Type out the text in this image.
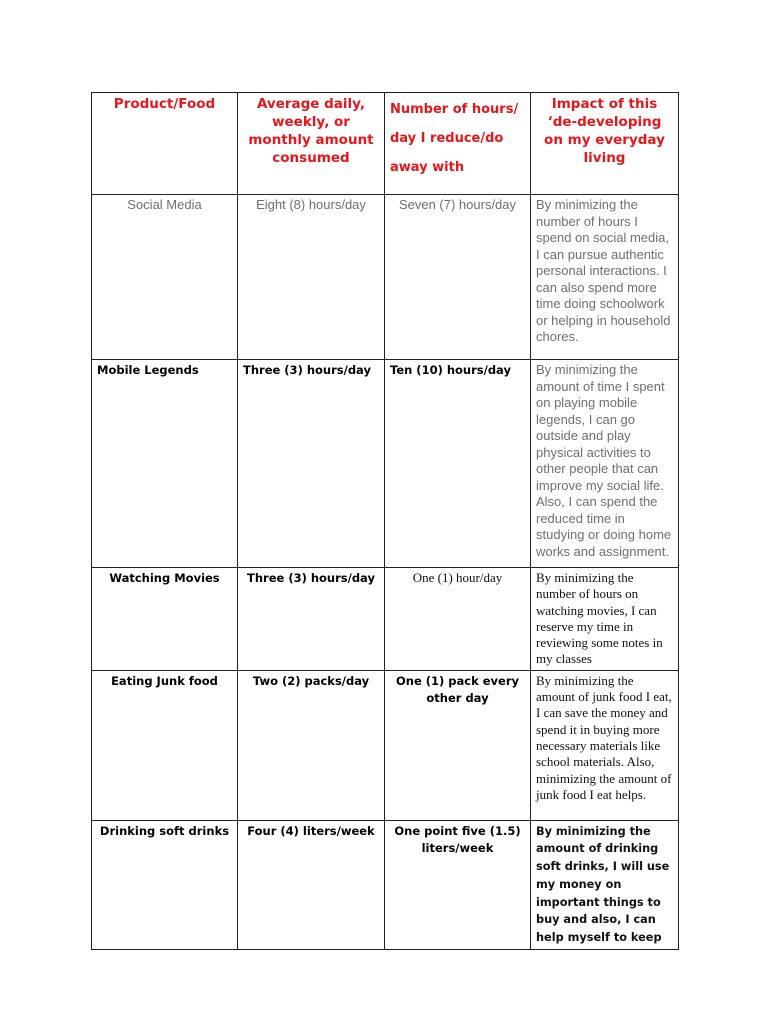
Product/Food	Average daily, weekly, or monthly amount consumed	Number of hours/ day I reduce/do away with	Impact of this ‘de-developing on my everyday living
Social Media	Eight (8) hours/day	Seven (7) hours/day	By minimizing the number of hours I spend on social media, I can pursue authentic personal interactions. I can also spend more time doing schoolwork or helping in household chores.
Mobile Legends	Three (3) hours/day	Ten (10) hours/day	By minimizing the amount of time I spent on playing mobile legends, I can go outside and play physical activities to other people that can improve my social life. Also, I can spend the reduced time in studying or doing home works and assignment.
Watching Movies	Three (3) hours/day	One (1) hour/day	By minimizing the number of hours on watching movies, I can reserve my time in reviewing some notes in my classes
Eating Junk food	Two (2) packs/day	One (1) pack every other day	By minimizing the amount of junk food I eat, I can save the money and spend it in buying more necessary materials like school materials. Also, minimizing the amount of junk food I eat helps.
Drinking soft drinks	Four (4) liters/week	One point five (1.5) liters/week	By minimizing the amount of drinking soft drinks, I will use my money on important things to buy and also, I can help myself to keep
